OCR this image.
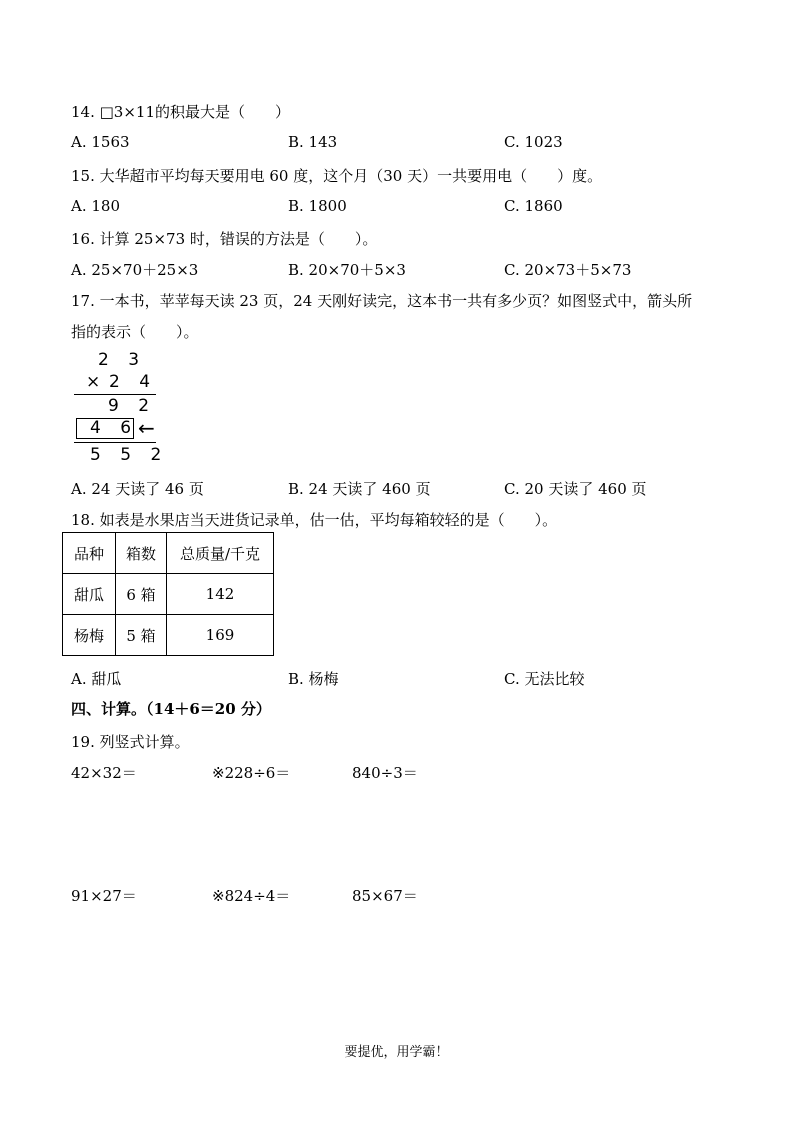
14. □3×11的积最大是（　　）
A. 1563	B. 143	C. 1023
15. 大华超市平均每天要用电 60 度，这个月（30 天）一共要用电（　　）度。
A. 180	B. 1800	C. 1860
16. 计算 25×73 时，错误的方法是（　　）。
A. 25×70＋25×3	B. 20×70＋5×3	C. 20×73＋5×73
17. 一本书，苹苹每天读 23 页，24 天刚好读完，这本书一共有多少页？如图竖式中，箭头所
指的表示（　　）。
2 3
× 2 4
9 2
4 6 ←
5 5 2
A. 24 天读了 46 页	B. 24 天读了 460 页	C. 20 天读了 460 页
18. 如表是水果店当天进货记录单，估一估，平均每箱较轻的是（　　）。
品种	箱数	总质量/千克
甜瓜	6 箱	142
杨梅	5 箱	169
A. 甜瓜	B. 杨梅	C. 无法比较
四、计算。（14＋6＝20 分）
19. 列竖式计算。
42×32＝	※228÷6＝	840÷3＝
91×27＝	※824÷4＝	85×67＝
要提优，用学霸！
